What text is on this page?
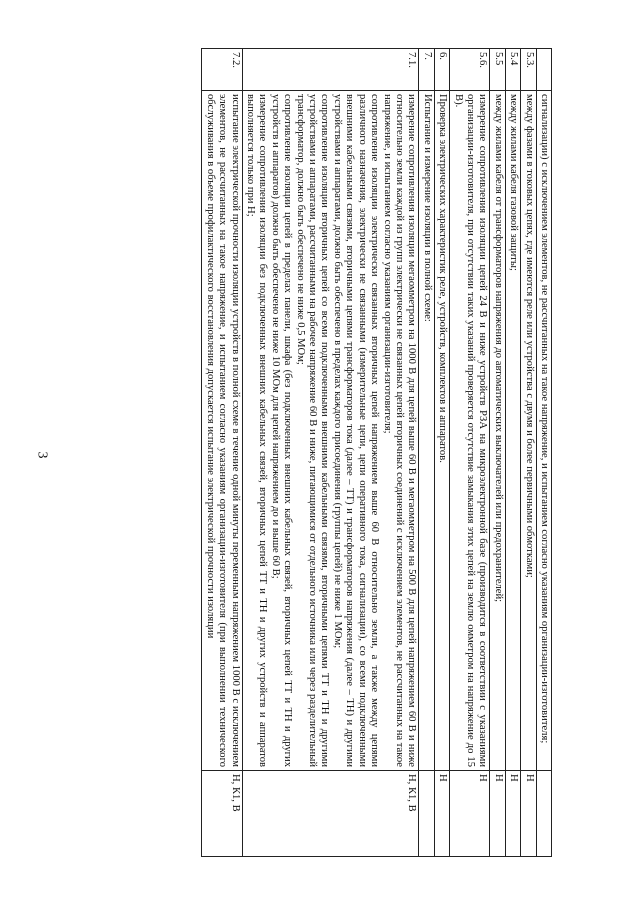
3

	сигнализации) с исключением элементов, не рассчитанных на такое напряжение, и испытанием согласно указаниям организации-изготовителя;	

5.3.	между фазами в токовых цепях, где имеются реле или устройства с двумя и более первичными обмотками;	Н
5.4	между жилами кабеля газовой защиты;	Н
5.5	между жилами кабеля от трансформаторов напряжения до автоматических выключателей или предохранителей;	Н
5.6.	измерение сопротивления изоляции цепей 24 В и ниже устройств РЗА на микроэлектронной базе (производится в соответствии с указаниями организации-изготовителя, при отсутствии таких указаний проверяется отсутствие замыкания этих цепей на землю омметром на напряжение до 15 В).	Н
6.	Проверка электрических характеристик реле, устройств, комплектов и аппаратов.	Н
7.	Испытание и измерение изоляции в полной схеме:	

7.1.	измерение сопротивления изоляции мегаомметром на 1000 В для цепей выше 60 В и мегаомметром на 500 В для цепей напряжением 60 В и ниже относительно земли каждой из групп электрически не связанных цепей вторичных соединений с исключением элементов, не рассчитанных на такое напряжение, и испытанием согласно указаниям организации-изготовителя;

сопротивление изоляции электрически связанных вторичных цепей напряжением выше 60 В относительно земли, а также между цепями различного назначения, электрически не связанными (измерительные цепи, цепи оперативного тока, сигнализации), со всеми подключенными внешними кабельными связями, вторичными цепями трансформаторов тока (далее – ТТ) и трансформаторов напряжения (далее – ТН) и другими устройствами и аппаратами, должно быть обеспечено в пределах каждого присоединения (группы цепей) не ниже 1 МОм;

сопротивление изоляции вторичных цепей со всеми подключенными внешними кабельными связями, вторичными цепями ТТ и ТН и другими устройствами и аппаратами, рассчитанными на рабочее напряжение 60 В и ниже, питающимися от отдельного источника или через разделительный трансформатор, должно быть обеспечено не ниже 0,5 МОм;

сопротивление изоляции цепей в пределах панели, шкафа (без подключенных внешних кабельных связей, вторичных цепей ТТ и ТН и других устройств и аппаратов) должно быть обеспечено не ниже 10 МОм для цепей напряжением до и выше 60 В;

измерение сопротивления изоляции без подключенных внешних кабельных связей, вторичных цепей ТТ и ТН и других устройств и аппаратов выполняется только при Н;	Н, К1, В
7.2.	испытание электрической прочности изоляции устройств в полной схеме в течение одной минуты переменным напряжением 1000 В с исключением элементов, не рассчитанных на такое напряжение, и испытанием согласно указаниям организации-изготовителя (при выполнении технического обслуживания в объеме профилактического восстановления допускается испытание электрической прочности изоляции	Н, К1, В
